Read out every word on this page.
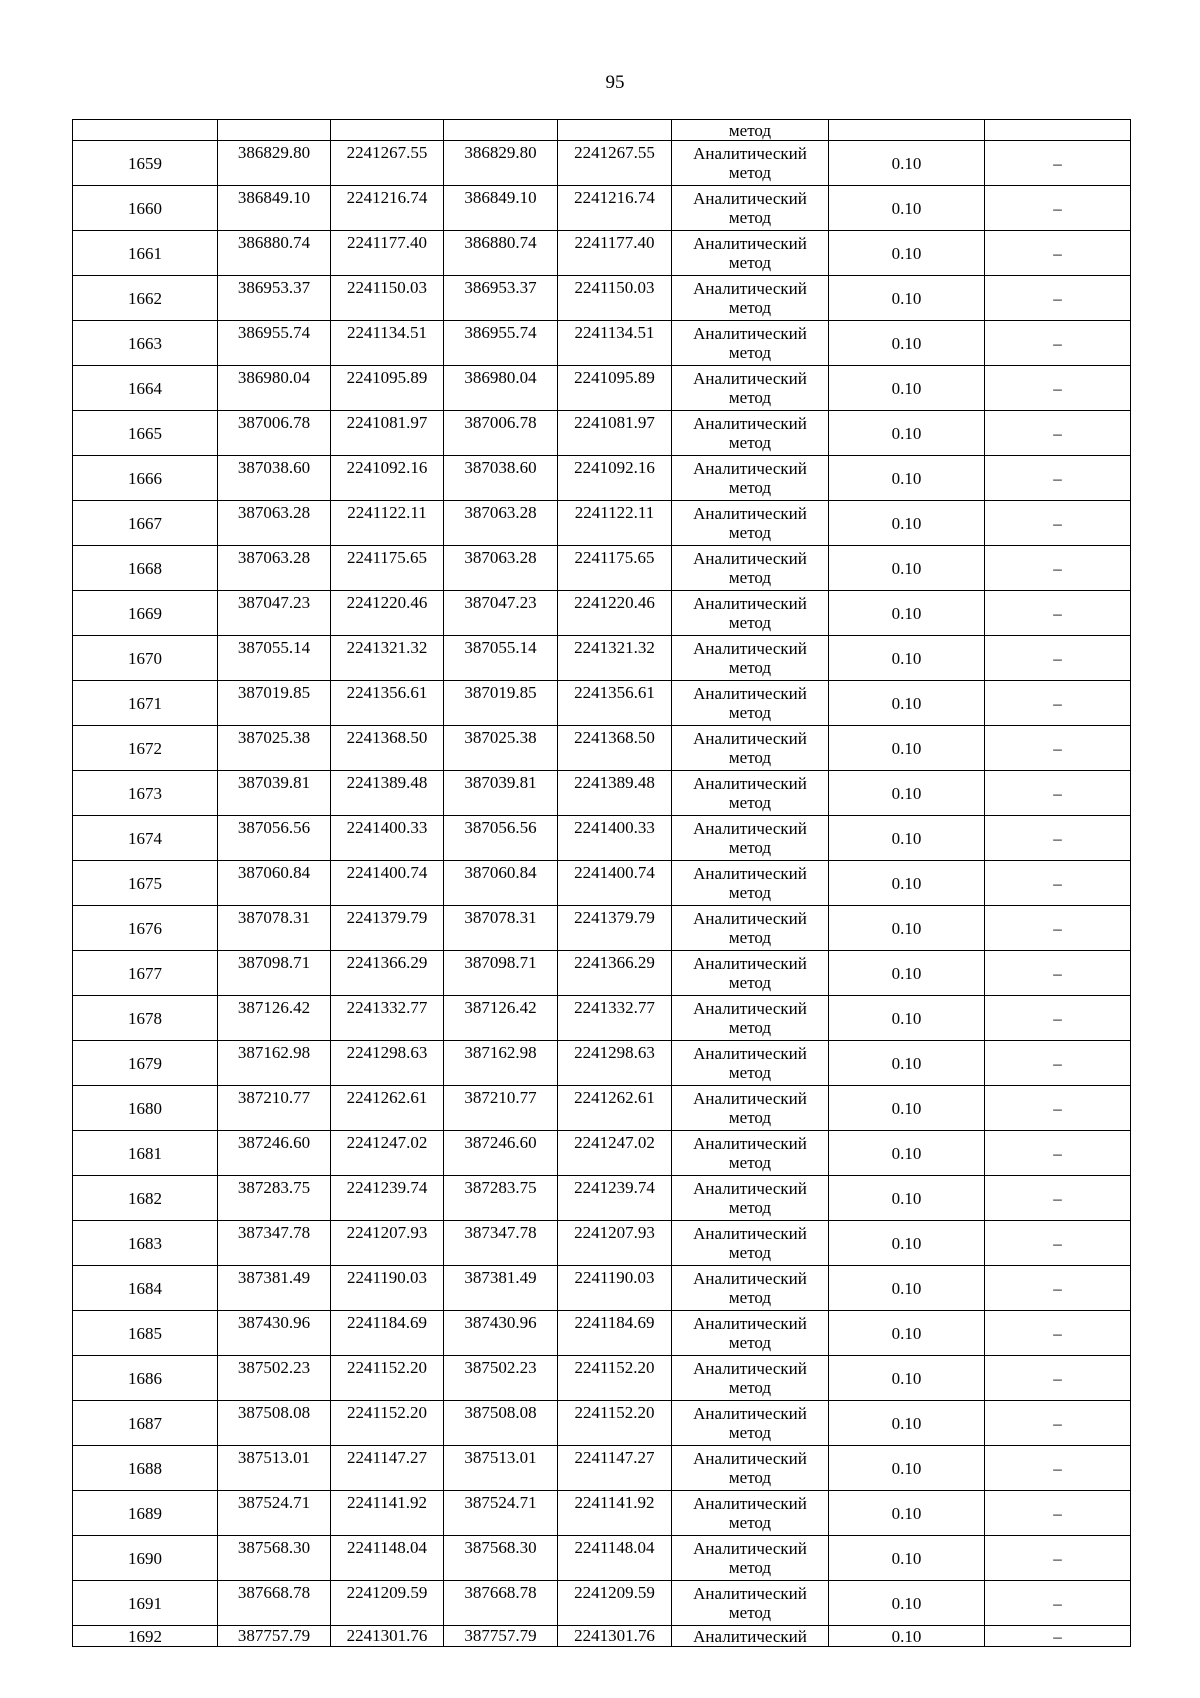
95
					метод		
1659	386829.80	2241267.55	386829.80	2241267.55	Аналитический
метод	0.10	–
1660	386849.10	2241216.74	386849.10	2241216.74	Аналитический
метод	0.10	–
1661	386880.74	2241177.40	386880.74	2241177.40	Аналитический
метод	0.10	–
1662	386953.37	2241150.03	386953.37	2241150.03	Аналитический
метод	0.10	–
1663	386955.74	2241134.51	386955.74	2241134.51	Аналитический
метод	0.10	–
1664	386980.04	2241095.89	386980.04	2241095.89	Аналитический
метод	0.10	–
1665	387006.78	2241081.97	387006.78	2241081.97	Аналитический
метод	0.10	–
1666	387038.60	2241092.16	387038.60	2241092.16	Аналитический
метод	0.10	–
1667	387063.28	2241122.11	387063.28	2241122.11	Аналитический
метод	0.10	–
1668	387063.28	2241175.65	387063.28	2241175.65	Аналитический
метод	0.10	–
1669	387047.23	2241220.46	387047.23	2241220.46	Аналитический
метод	0.10	–
1670	387055.14	2241321.32	387055.14	2241321.32	Аналитический
метод	0.10	–
1671	387019.85	2241356.61	387019.85	2241356.61	Аналитический
метод	0.10	–
1672	387025.38	2241368.50	387025.38	2241368.50	Аналитический
метод	0.10	–
1673	387039.81	2241389.48	387039.81	2241389.48	Аналитический
метод	0.10	–
1674	387056.56	2241400.33	387056.56	2241400.33	Аналитический
метод	0.10	–
1675	387060.84	2241400.74	387060.84	2241400.74	Аналитический
метод	0.10	–
1676	387078.31	2241379.79	387078.31	2241379.79	Аналитический
метод	0.10	–
1677	387098.71	2241366.29	387098.71	2241366.29	Аналитический
метод	0.10	–
1678	387126.42	2241332.77	387126.42	2241332.77	Аналитический
метод	0.10	–
1679	387162.98	2241298.63	387162.98	2241298.63	Аналитический
метод	0.10	–
1680	387210.77	2241262.61	387210.77	2241262.61	Аналитический
метод	0.10	–
1681	387246.60	2241247.02	387246.60	2241247.02	Аналитический
метод	0.10	–
1682	387283.75	2241239.74	387283.75	2241239.74	Аналитический
метод	0.10	–
1683	387347.78	2241207.93	387347.78	2241207.93	Аналитический
метод	0.10	–
1684	387381.49	2241190.03	387381.49	2241190.03	Аналитический
метод	0.10	–
1685	387430.96	2241184.69	387430.96	2241184.69	Аналитический
метод	0.10	–
1686	387502.23	2241152.20	387502.23	2241152.20	Аналитический
метод	0.10	–
1687	387508.08	2241152.20	387508.08	2241152.20	Аналитический
метод	0.10	–
1688	387513.01	2241147.27	387513.01	2241147.27	Аналитический
метод	0.10	–
1689	387524.71	2241141.92	387524.71	2241141.92	Аналитический
метод	0.10	–
1690	387568.30	2241148.04	387568.30	2241148.04	Аналитический
метод	0.10	–
1691	387668.78	2241209.59	387668.78	2241209.59	Аналитический
метод	0.10	–
1692	387757.79	2241301.76	387757.79	2241301.76	Аналитический	0.10	–
